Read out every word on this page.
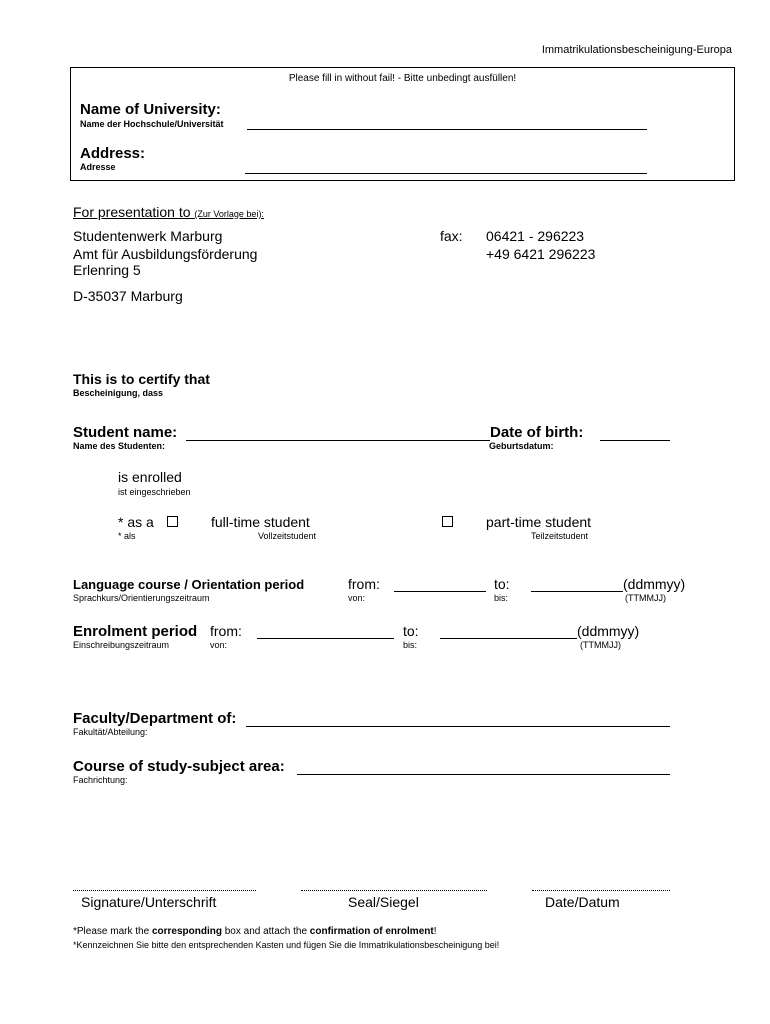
Immatrikulationsbescheinigung-Europa
Please fill in without fail! - Bitte unbedingt ausfüllen!
Name of University:
Name der Hochschule/Universität
Address:
Adresse
For presentation to (Zur Vorlage bei):
Studentenwerk Marburg
Amt für Ausbildungsförderung
Erlenring 5
D-35037 Marburg
fax: 06421 - 296223
+49 6421 296223
This is to certify that
Bescheinigung, dass
Student name:
Name des Studenten:
Date of birth:
Geburtsdatum:
is enrolled
ist eingeschrieben
* as a
* als
full-time student
Vollzeitstudent
part-time student
Teilzeitstudent
Language course / Orientation period
Sprachkurs/Orientierungszeitraum
from:
von:
to:
bis:
(ddmmyy)
(TTMMJJ)
Enrolment period
Einschreibungszeitraum
from:
von:
to:
bis:
(ddmmyy)
(TTMMJJ)
Faculty/Department of:
Fakultät/Abteilung:
Course of study-subject area:
Fachrichtung:
Signature/Unterschrift	Seal/Siegel	Date/Datum
*Please mark the corresponding box and attach the confirmation of enrolment!
*Kennzeichnen Sie bitte den entsprechenden Kasten und fügen Sie die Immatrikulationsbescheinigung bei!
